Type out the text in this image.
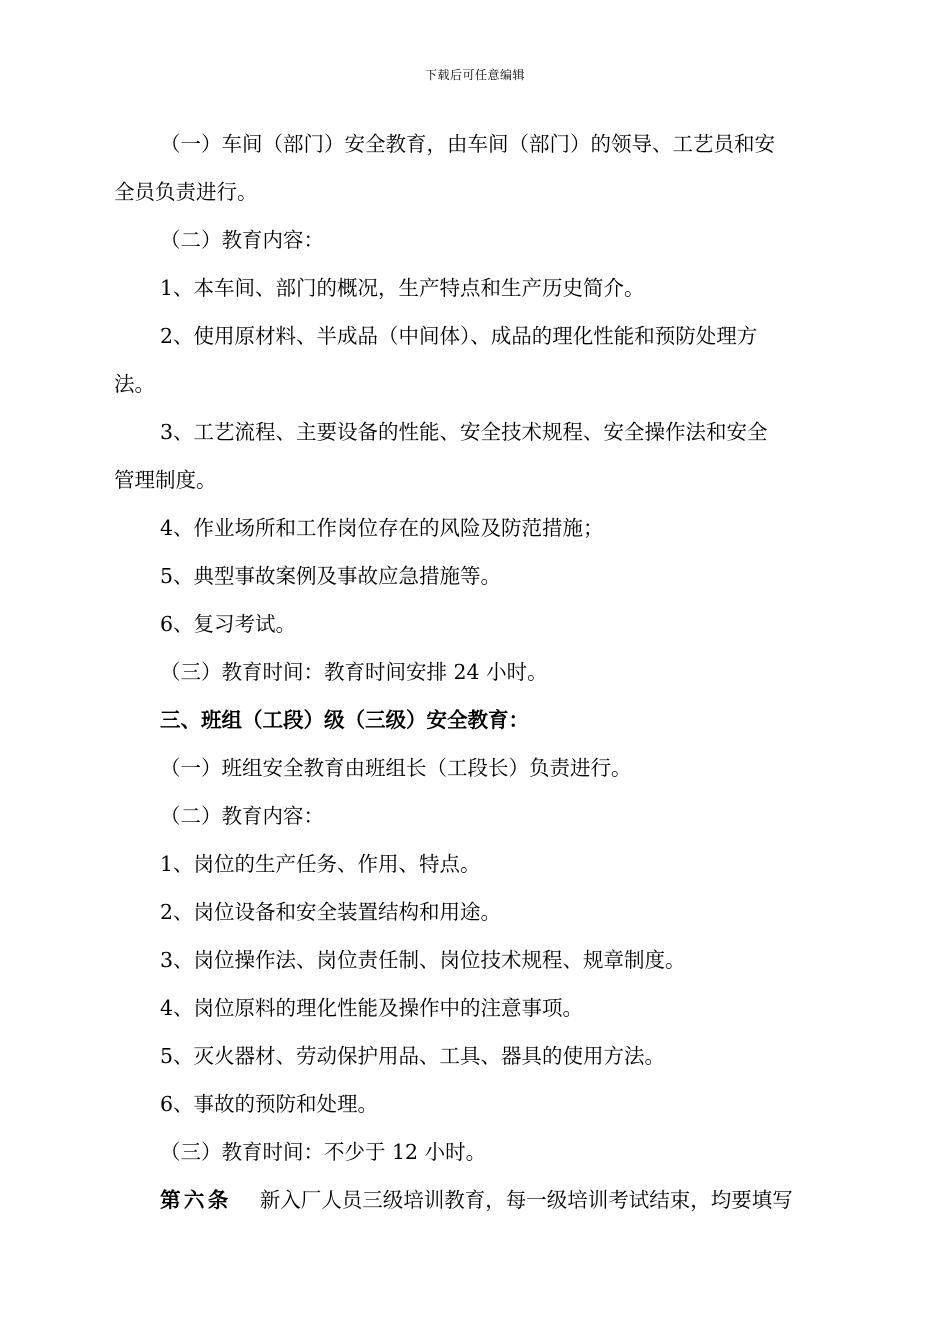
下载后可任意编辑
（一）车间（部门）安全教育，由车间（部门）的领导、工艺员和安
全员负责进行。
（二）教育内容：
1、本车间、部门的概况，生产特点和生产历史简介。
2、使用原材料、半成品（中间体）、成品的理化性能和预防处理方
法。
3、工艺流程、主要设备的性能、安全技术规程、安全操作法和安全
管理制度。
4、作业场所和工作岗位存在的风险及防范措施；
5、典型事故案例及事故应急措施等。
6、复习考试。
（三）教育时间：教育时间安排 24 小时。
三、班组（工段）级（三级）安全教育：
（一）班组安全教育由班组长（工段长）负责进行。
（二）教育内容：
1、岗位的生产任务、作用、特点。
2、岗位设备和安全装置结构和用途。
3、岗位操作法、岗位责任制、岗位技术规程、规章制度。
4、岗位原料的理化性能及操作中的注意事项。
5、灭火器材、劳动保护用品、工具、器具的使用方法。
6、事故的预防和处理。
（三）教育时间：不少于 12 小时。
第六条 新入厂人员三级培训教育，每一级培训考试结束，均要填写
